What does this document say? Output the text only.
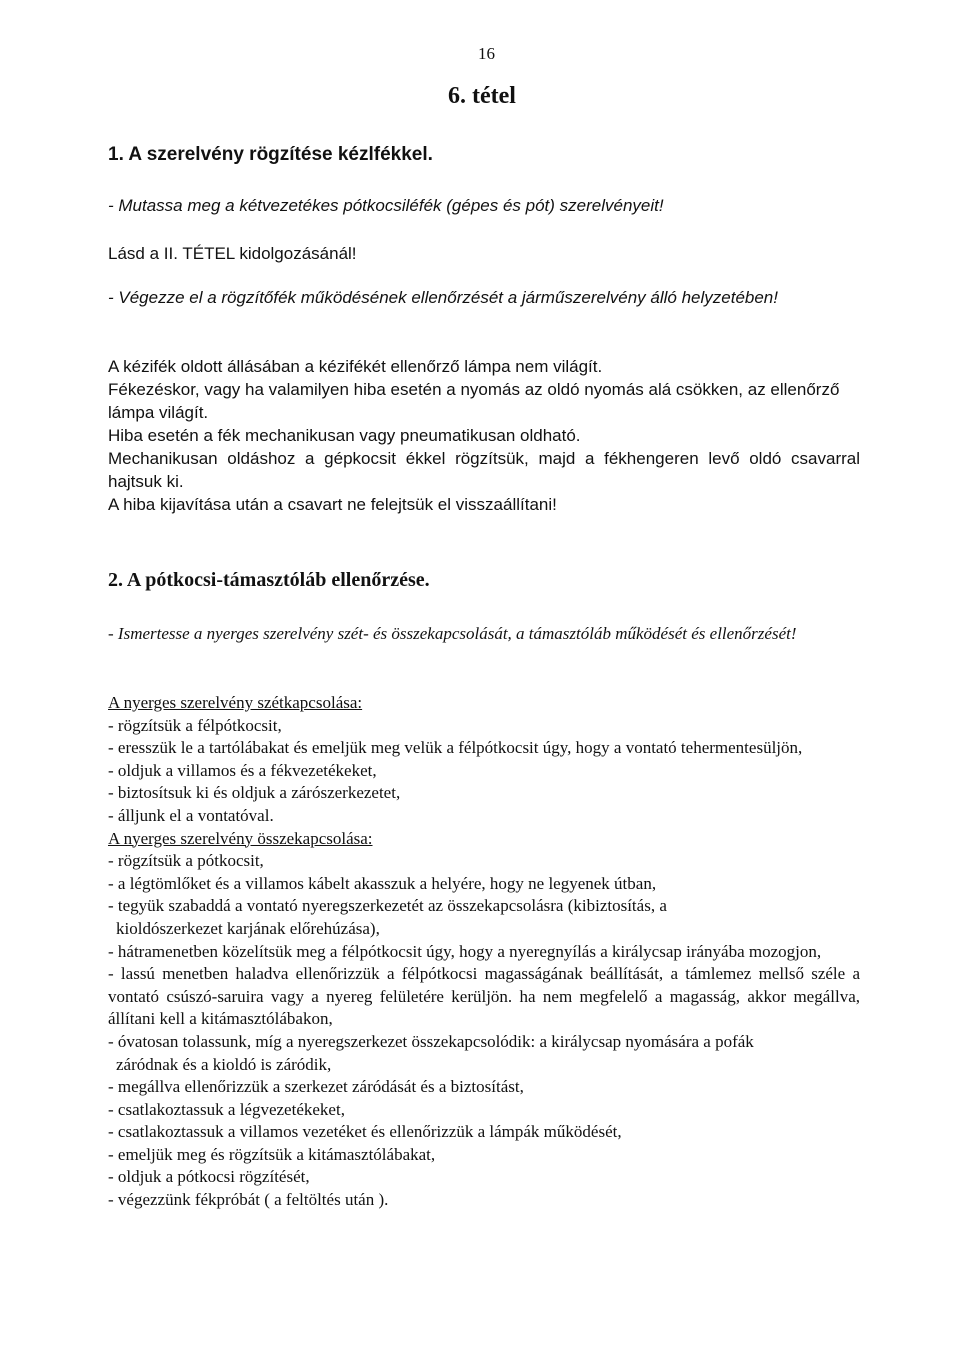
16
6. tétel
1. A szerelvény rögzítése kézlfékkel.
- Mutassa meg a kétvezetékes pótkocsiléfék (gépes és pót) szerelvényeit!
Lásd a II. TÉTEL kidolgozásánál!
- Végezze el a rögzítőfék működésének ellenőrzését a járműszerelvény álló helyzetében!

A kézifék oldott állásában a kézifékét ellenőrző lámpa nem világít.

Fékezéskor, vagy ha valamilyen hiba esetén a nyomás az oldó nyomás alá csökken, az ellenőrző lámpa világít.

Hiba esetén a fék mechanikusan vagy pneumatikusan oldható.

Mechanikusan oldáshoz a gépkocsit ékkel rögzítsük, majd a fékhengeren levő oldó csavarral hajtsuk ki.

A hiba kijavítása után a csavart ne felejtsük el visszaállítani!

2. A pótkocsi-támasztóláb ellenőrzése.
- Ismertesse a nyerges szerelvény szét- és összekapcsolását, a támasztóláb működését és ellenőrzését!

A nyerges szerelvény szétkapcsolása:

- rögzítsük a félpótkocsit,

- eresszük le a tartólábakat és emeljük meg velük a félpótkocsit úgy, hogy a vontató tehermentesüljön,

- oldjuk a villamos és a fékvezetékeket,

- biztosítsuk ki és oldjuk a zárószerkezetet,

- álljunk el a vontatóval.

A nyerges szerelvény összekapcsolása:

- rögzítsük a pótkocsit,

- a légtömlőket és a villamos kábelt akasszuk a helyére, hogy ne legyenek útban,

- tegyük szabaddá a vontató nyeregszerkezetét az összekapcsolásra (kibiztosítás, a kioldószerkezet karjának előrehúzása),

- hátramenetben közelítsük meg a félpótkocsit úgy, hogy a nyeregnyílás a királycsap irányába mozogjon,

- lassú menetben haladva ellenőrizzük a félpótkocsi magasságának beállítását, a támlemez mellső széle a vontató csúszó-saruira vagy a nyereg felületére kerüljön. ha nem megfelelő a magasság, akkor megállva, állítani kell a kitámasztólábakon,

- óvatosan tolassunk, míg a nyeregszerkezet összekapcsolódik: a királycsap nyomására a pofák záródnak és a kioldó is záródik,

- megállva ellenőrizzük a szerkezet záródását és a biztosítást,

- csatlakoztassuk a légvezetékeket,

- csatlakoztassuk a villamos vezetéket és ellenőrizzük a lámpák működését,

- emeljük meg és rögzítsük a kitámasztólábakat,

- oldjuk a pótkocsi rögzítését,

- végezzünk fékpróbát ( a feltöltés után ).
